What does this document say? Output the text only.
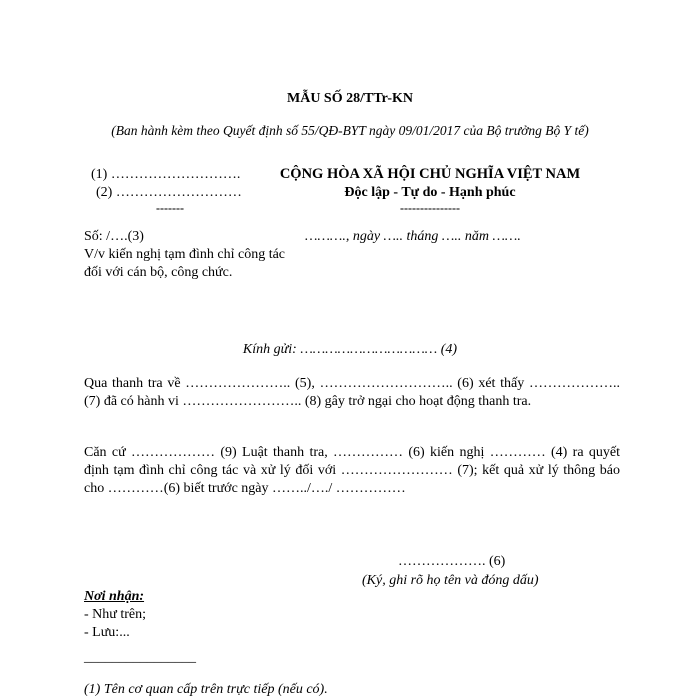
MẪU SỐ 28/TTr-KN
(Ban hành kèm theo Quyết định số 55/QĐ-BYT ngày 09/01/2017 của Bộ trưởng Bộ Y tế)
(1) ……………………….
(2) ………………………
-------
CỘNG HÒA XÃ HỘI CHỦ NGHĨA VIỆT NAM
Độc lập - Tự do - Hạnh phúc
---------------
Số: /….(3)
V/v kiến nghị tạm đình chỉ công tác đối với cán bộ, công chức.
………., ngày ….. tháng ….. năm …….
Kính gửi: …………………………… (4)
Qua thanh tra về ………………….. (5), ……………………….. (6) xét thấy ………………..(7) đã có hành vi …………………….. (8) gây trở ngại cho hoạt động thanh tra.
Căn cứ ……………… (9) Luật thanh tra, …………… (6) kiến nghị ………… (4) ra quyết định tạm đình chỉ công tác và xử lý đối với …………………… (7); kết quả xử lý thông báo cho …………(6) biết trước ngày ……../…./ ……………
………………. (6)
(Ký, ghi rõ họ tên và đóng dấu)
Nơi nhận:
- Như trên;
- Lưu:...
________________
(1) Tên cơ quan cấp trên trực tiếp (nếu có).
